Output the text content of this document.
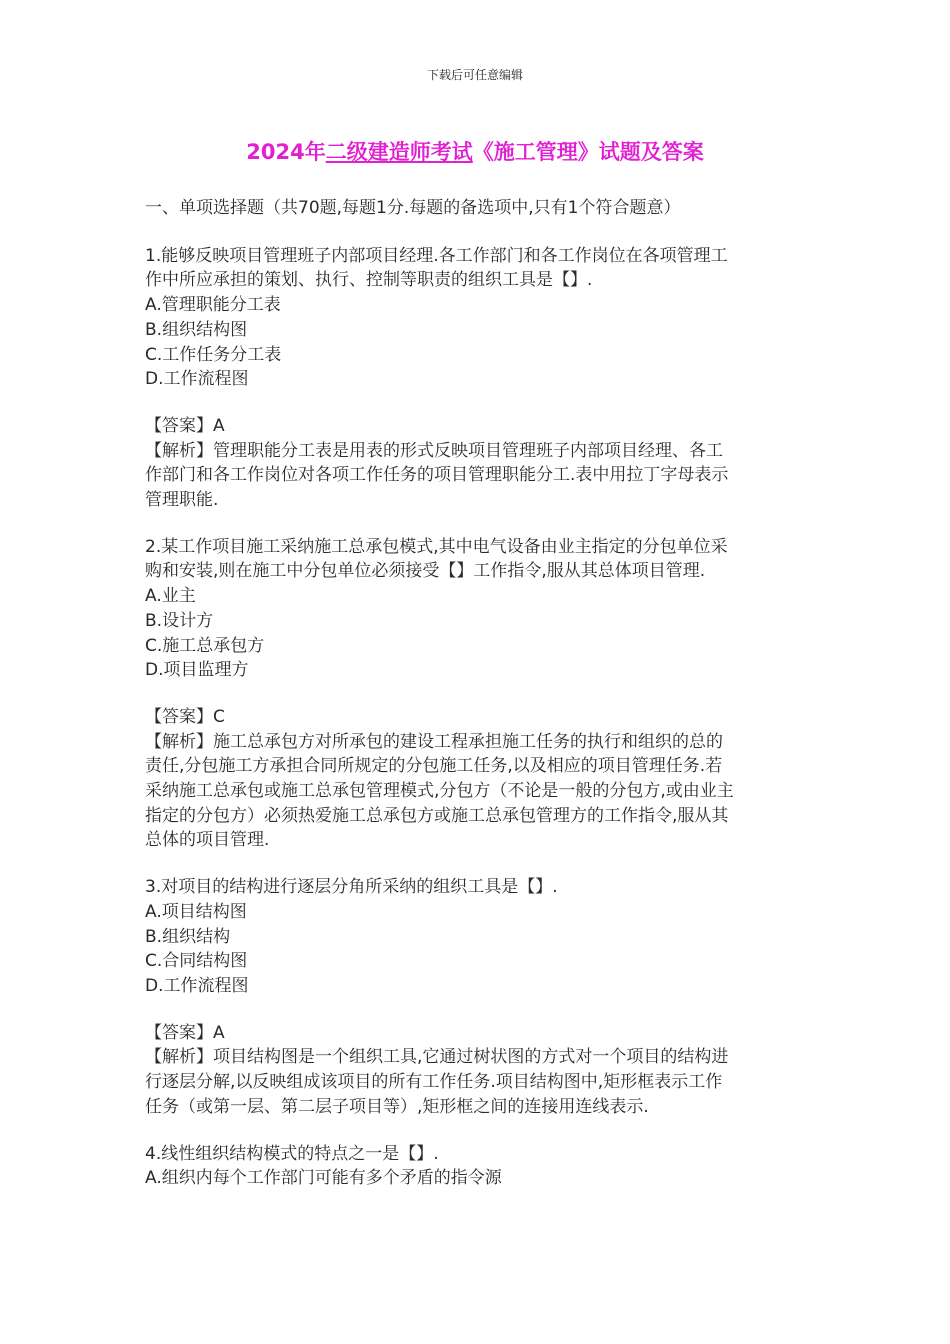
下载后可任意编辑
2024年二级建造师考试《施工管理》试题及答案
一、单项选择题（共70题,每题1分.每题的备选项中,只有1个符合题意）
1.能够反映项目管理班子内部项目经理.各工作部门和各工作岗位在各项管理工
作中所应承担的策划、执行、控制等职责的组织工具是【】.
A.管理职能分工表
B.组织结构图
C.工作任务分工表
D.工作流程图
【答案】A
【解析】管理职能分工表是用表的形式反映项目管理班子内部项目经理、各工
作部门和各工作岗位对各项工作任务的项目管理职能分工.表中用拉丁字母表示
管理职能.
2.某工作项目施工采纳施工总承包模式,其中电气设备由业主指定的分包单位采
购和安装,则在施工中分包单位必须接受【】工作指令,服从其总体项目管理.
A.业主
B.设计方
C.施工总承包方
D.项目监理方
【答案】C
【解析】施工总承包方对所承包的建设工程承担施工任务的执行和组织的总的
责任,分包施工方承担合同所规定的分包施工任务,以及相应的项目管理任务.若
采纳施工总承包或施工总承包管理模式,分包方（不论是一般的分包方,或由业主
指定的分包方）必须热爱施工总承包方或施工总承包管理方的工作指令,服从其
总体的项目管理.
3.对项目的结构进行逐层分角所采纳的组织工具是【】.
A.项目结构图
B.组织结构
C.合同结构图
D.工作流程图
【答案】A
【解析】项目结构图是一个组织工具,它通过树状图的方式对一个项目的结构进
行逐层分解,以反映组成该项目的所有工作任务.项目结构图中,矩形框表示工作
任务（或第一层、第二层子项目等）,矩形框之间的连接用连线表示.
4.线性组织结构模式的特点之一是【】.
A.组织内每个工作部门可能有多个矛盾的指令源
